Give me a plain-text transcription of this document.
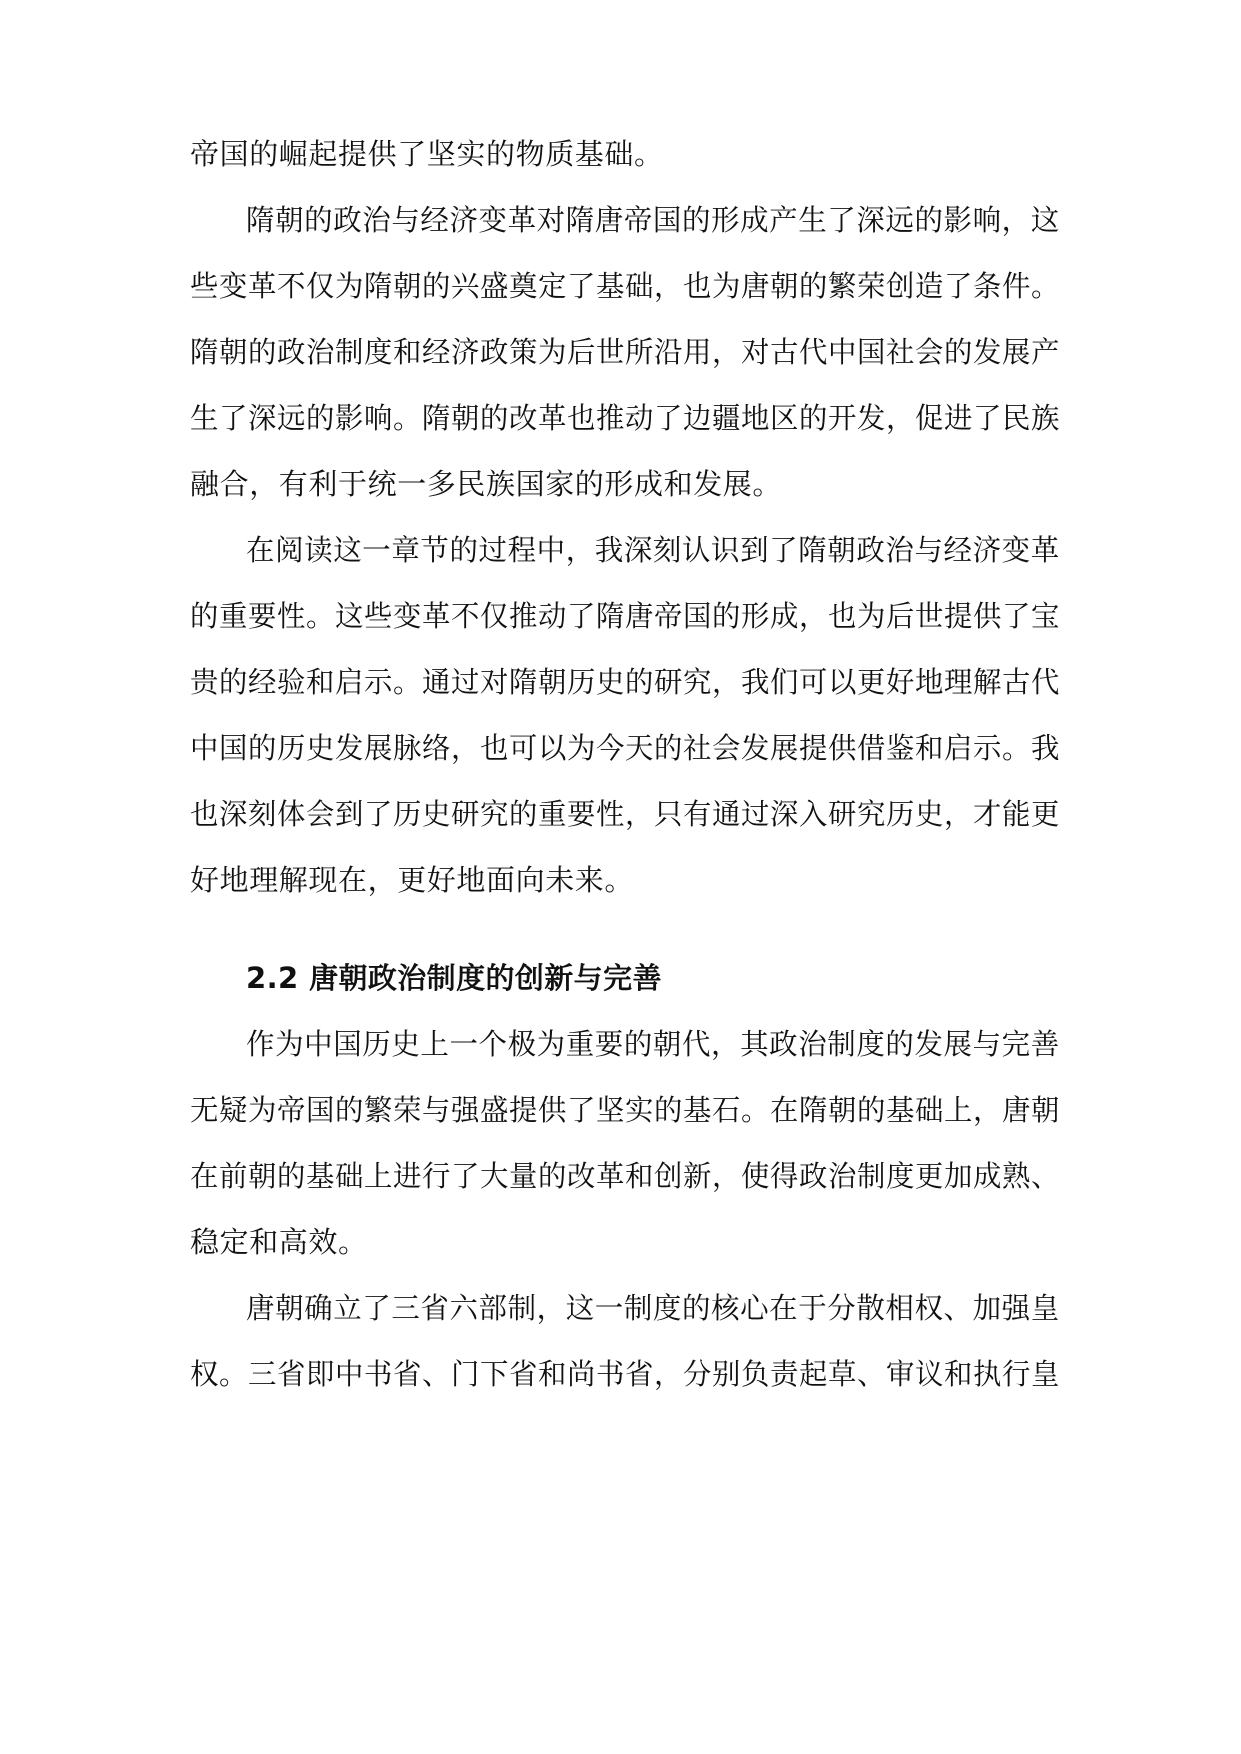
帝国的崛起提供了坚实的物质基础。

隋朝的政治与经济变革对隋唐帝国的形成产生了深远的影响，这

些变革不仅为隋朝的兴盛奠定了基础，也为唐朝的繁荣创造了条件。

隋朝的政治制度和经济政策为后世所沿用，对古代中国社会的发展产

生了深远的影响。隋朝的改革也推动了边疆地区的开发，促进了民族

融合，有利于统一多民族国家的形成和发展。

在阅读这一章节的过程中，我深刻认识到了隋朝政治与经济变革

的重要性。这些变革不仅推动了隋唐帝国的形成，也为后世提供了宝

贵的经验和启示。通过对隋朝历史的研究，我们可以更好地理解古代

中国的历史发展脉络，也可以为今天的社会发展提供借鉴和启示。我

也深刻体会到了历史研究的重要性，只有通过深入研究历史，才能更

好地理解现在，更好地面向未来。

2.2 唐朝政治制度的创新与完善

作为中国历史上一个极为重要的朝代，其政治制度的发展与完善

无疑为帝国的繁荣与强盛提供了坚实的基石。在隋朝的基础上，唐朝

在前朝的基础上进行了大量的改革和创新，使得政治制度更加成熟、

稳定和高效。

唐朝确立了三省六部制，这一制度的核心在于分散相权、加强皇

权。三省即中书省、门下省和尚书省，分别负责起草、审议和执行皇
